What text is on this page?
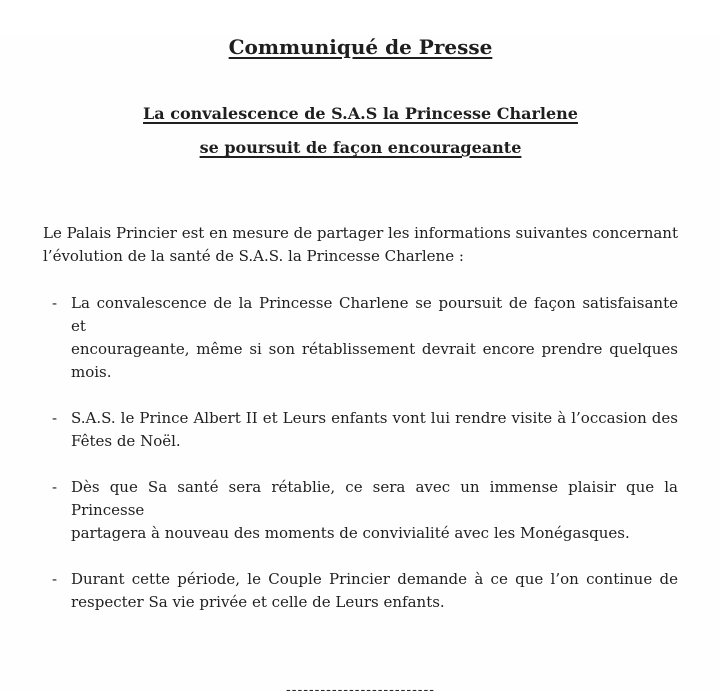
Communiqué de Presse
La convalescence de S.A.S la Princesse Charlene
se poursuit de façon encourageante
Le Palais Princier est en mesure de partager les informations suivantes concernant
l’évolution de la santé de S.A.S. la Princesse Charlene :
- La convalescence de la Princesse Charlene se poursuit de façon satisfaisante et
encourageante, même si son rétablissement devrait encore prendre quelques
mois.
- S.A.S. le Prince Albert II et Leurs enfants vont lui rendre visite à l’occasion des
Fêtes de Noël.
- Dès que Sa santé sera rétablie, ce sera avec un immense plaisir que la Princesse
partagera à nouveau des moments de convivialité avec les Monégasques.
- Durant cette période, le Couple Princier demande à ce que l’on continue de
respecter Sa vie privée et celle de Leurs enfants.
--------------------------
